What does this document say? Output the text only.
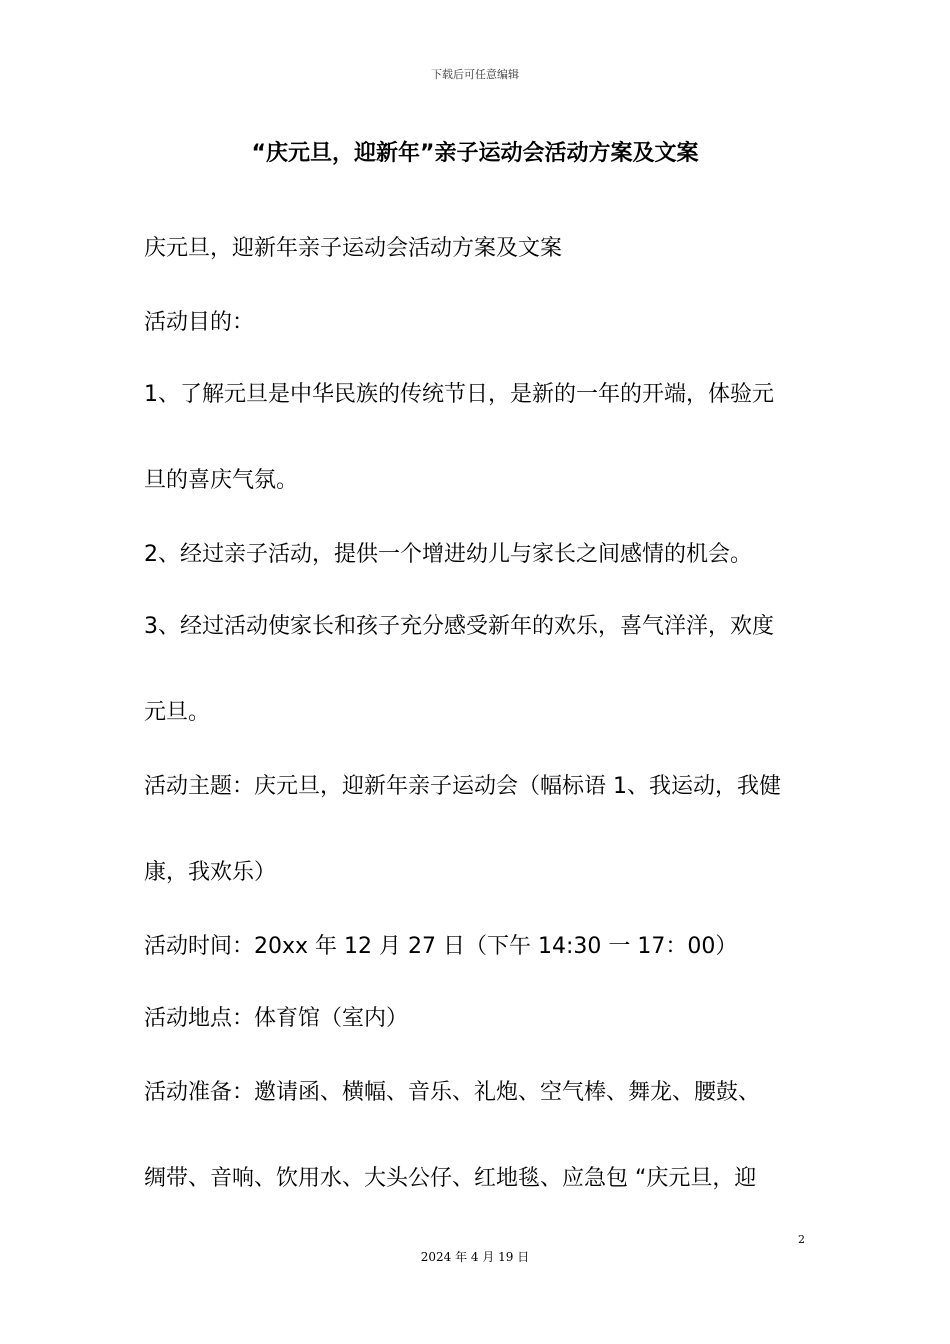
下载后可任意编辑
“庆元旦，迎新年”亲子运动会活动方案及文案
庆元旦，迎新年亲子运动会活动方案及文案
活动目的：
1、了解元旦是中华民族的传统节日，是新的一年的开端，体验元
旦的喜庆气氛。
2、经过亲子活动，提供一个增进幼儿与家长之间感情的机会。
3、经过活动使家长和孩子充分感受新年的欢乐，喜气洋洋，欢度
元旦。
活动主题：庆元旦，迎新年亲子运动会（幅标语 1、我运动，我健
康，我欢乐）
活动时间：20xx 年 12 月 27 日（下午 14:30 一 17：00）
活动地点：体育馆（室内）
活动准备：邀请函、横幅、音乐、礼炮、空气棒、舞龙、腰鼓、
绸带、音响、饮用水、大头公仔、红地毯、应急包 “庆元旦，迎
2
2024 年 4 月 19 日
